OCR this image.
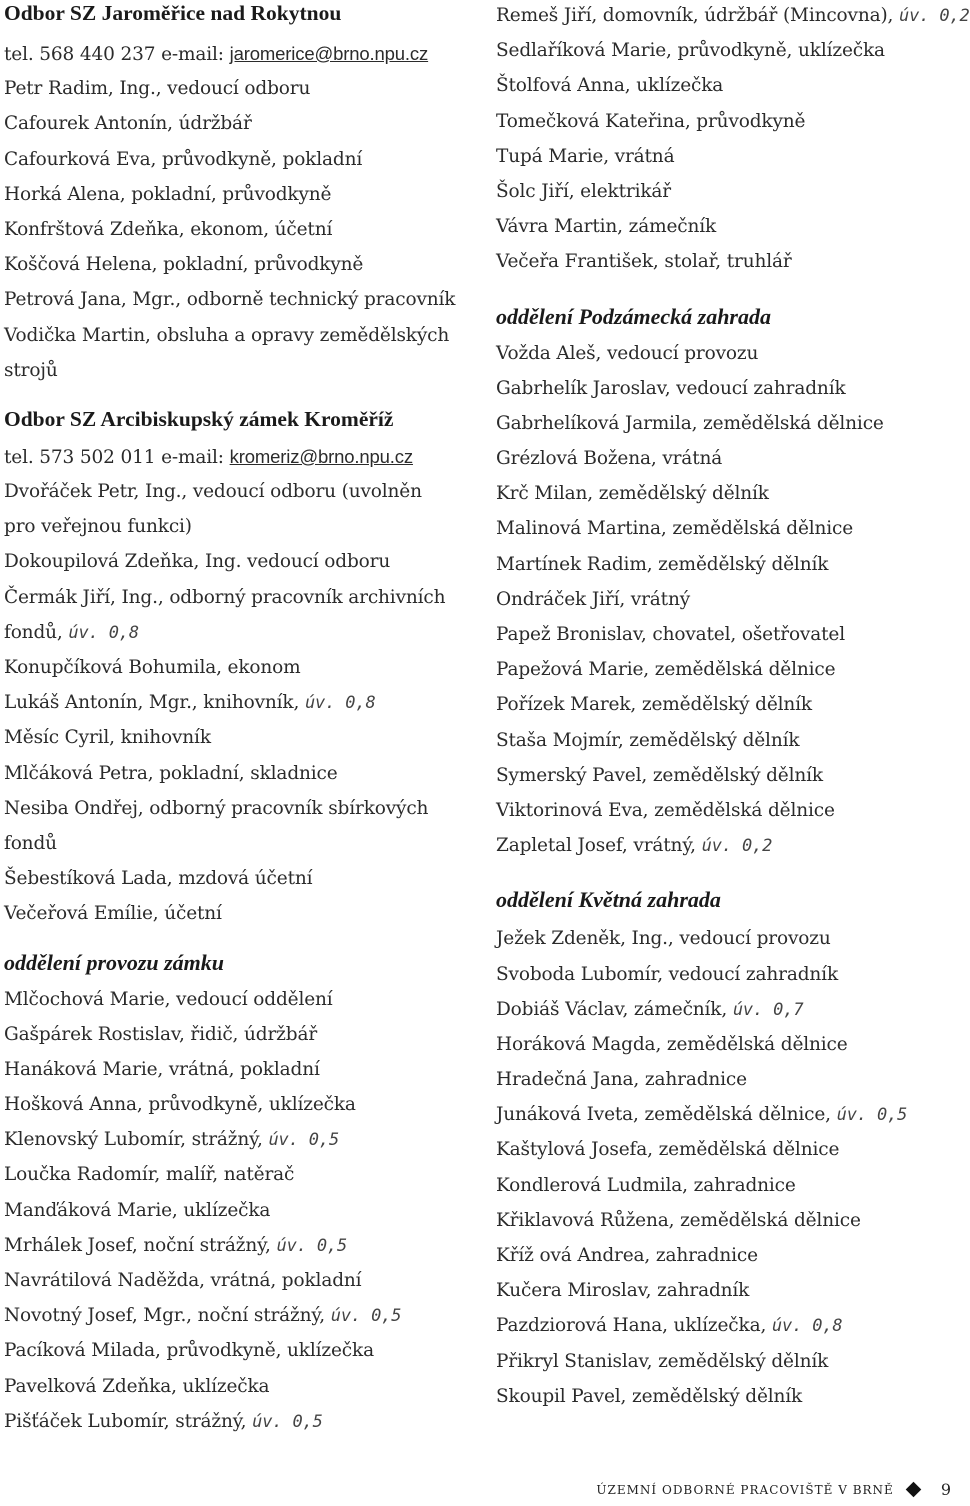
Odbor SZ Jaroměřice nad Rokytnou
tel. 568 440 237 e-mail: jaromerice@brno.npu.cz
Petr Radim, Ing., vedoucí odboru
Cafourek Antonín, údržbář
Cafourková Eva, průvodkyně, pokladní
Horká Alena, pokladní, průvodkyně
Konfrštová Zdeňka, ekonom, účetní
Koščová Helena, pokladní, průvodkyně
Petrová Jana, Mgr., odborně technický pracovník
Vodička Martin, obsluha a opravy zemědělských
strojů
Odbor SZ Arcibiskupský zámek Kroměříž
tel. 573 502 011 e-mail: kromeriz@brno.npu.cz
Dvořáček Petr, Ing., vedoucí odboru (uvolněn
pro veřejnou funkci)
Dokoupilová Zdeňka, Ing. vedoucí odboru
Čermák Jiří, Ing., odborný pracovník archivních
fondů, úv. 0,8
Konupčíková Bohumila, ekonom
Lukáš Antonín, Mgr., knihovník, úv. 0,8
Měsíc Cyril, knihovník
Mlčáková Petra, pokladní, skladnice
Nesiba Ondřej, odborný pracovník sbírkových
fondů
Šebestíková Lada, mzdová účetní
Večeřová Emílie, účetní
oddělení provozu zámku
Mlčochová Marie, vedoucí oddělení
Gašpárek Rostislav, řidič, údržbář
Hanáková Marie, vrátná, pokladní
Hošková Anna, průvodkyně, uklízečka
Klenovský Lubomír, strážný, úv. 0,5
Loučka Radomír, malíř, natěrač
Manďáková Marie, uklízečka
Mrhálek Josef, noční strážný, úv. 0,5
Navrátilová Naděžda, vrátná, pokladní
Novotný Josef, Mgr., noční strážný, úv. 0,5
Pacíková Milada, průvodkyně, uklízečka
Pavelková Zdeňka, uklízečka
Pišťáček Lubomír, strážný, úv. 0,5
Remeš Jiří, domovník, údržbář (Mincovna), úv. 0,2
Sedlaříková Marie, průvodkyně, uklízečka
Štolfová Anna, uklízečka
Tomečková Kateřina, průvodkyně
Tupá Marie, vrátná
Šolc Jiří, elektrikář
Vávra Martin, zámečník
Večeřa František, stolař, truhlář
oddělení Podzámecká zahrada
Vožda Aleš, vedoucí provozu
Gabrhelík Jaroslav, vedoucí zahradník
Gabrhelíková Jarmila, zemědělská dělnice
Grézlová Božena, vrátná
Krč Milan, zemědělský dělník
Malinová Martina, zemědělská dělnice
Martínek Radim, zemědělský dělník
Ondráček Jiří, vrátný
Papež Bronislav, chovatel, ošetřovatel
Papežová Marie, zemědělská dělnice
Pořízek Marek, zemědělský dělník
Staša Mojmír, zemědělský dělník
Symerský Pavel, zemědělský dělník
Viktorinová Eva, zemědělská dělnice
Zapletal Josef, vrátný, úv. 0,2
oddělení Květná zahrada
Ježek Zdeněk, Ing., vedoucí provozu
Svoboda Lubomír, vedoucí zahradník
Dobiáš Václav, zámečník, úv. 0,7
Horáková Magda, zemědělská dělnice
Hradečná Jana, zahradnice
Junáková Iveta, zemědělská dělnice, úv. 0,5
Kaštylová Josefa, zemědělská dělnice
Kondlerová Ludmila, zahradnice
Křiklavová Růžena, zemědělská dělnice
Kříž ová Andrea, zahradnice
Kučera Miroslav, zahradník
Pazdziorová Hana, uklízečka, úv. 0,8
Přikryl Stanislav, zemědělský dělník
Skoupil Pavel, zemědělský dělník
ÚZEMNÍ ODBORNÉ PRACOVIŠTĚ V BRNĚ	9
